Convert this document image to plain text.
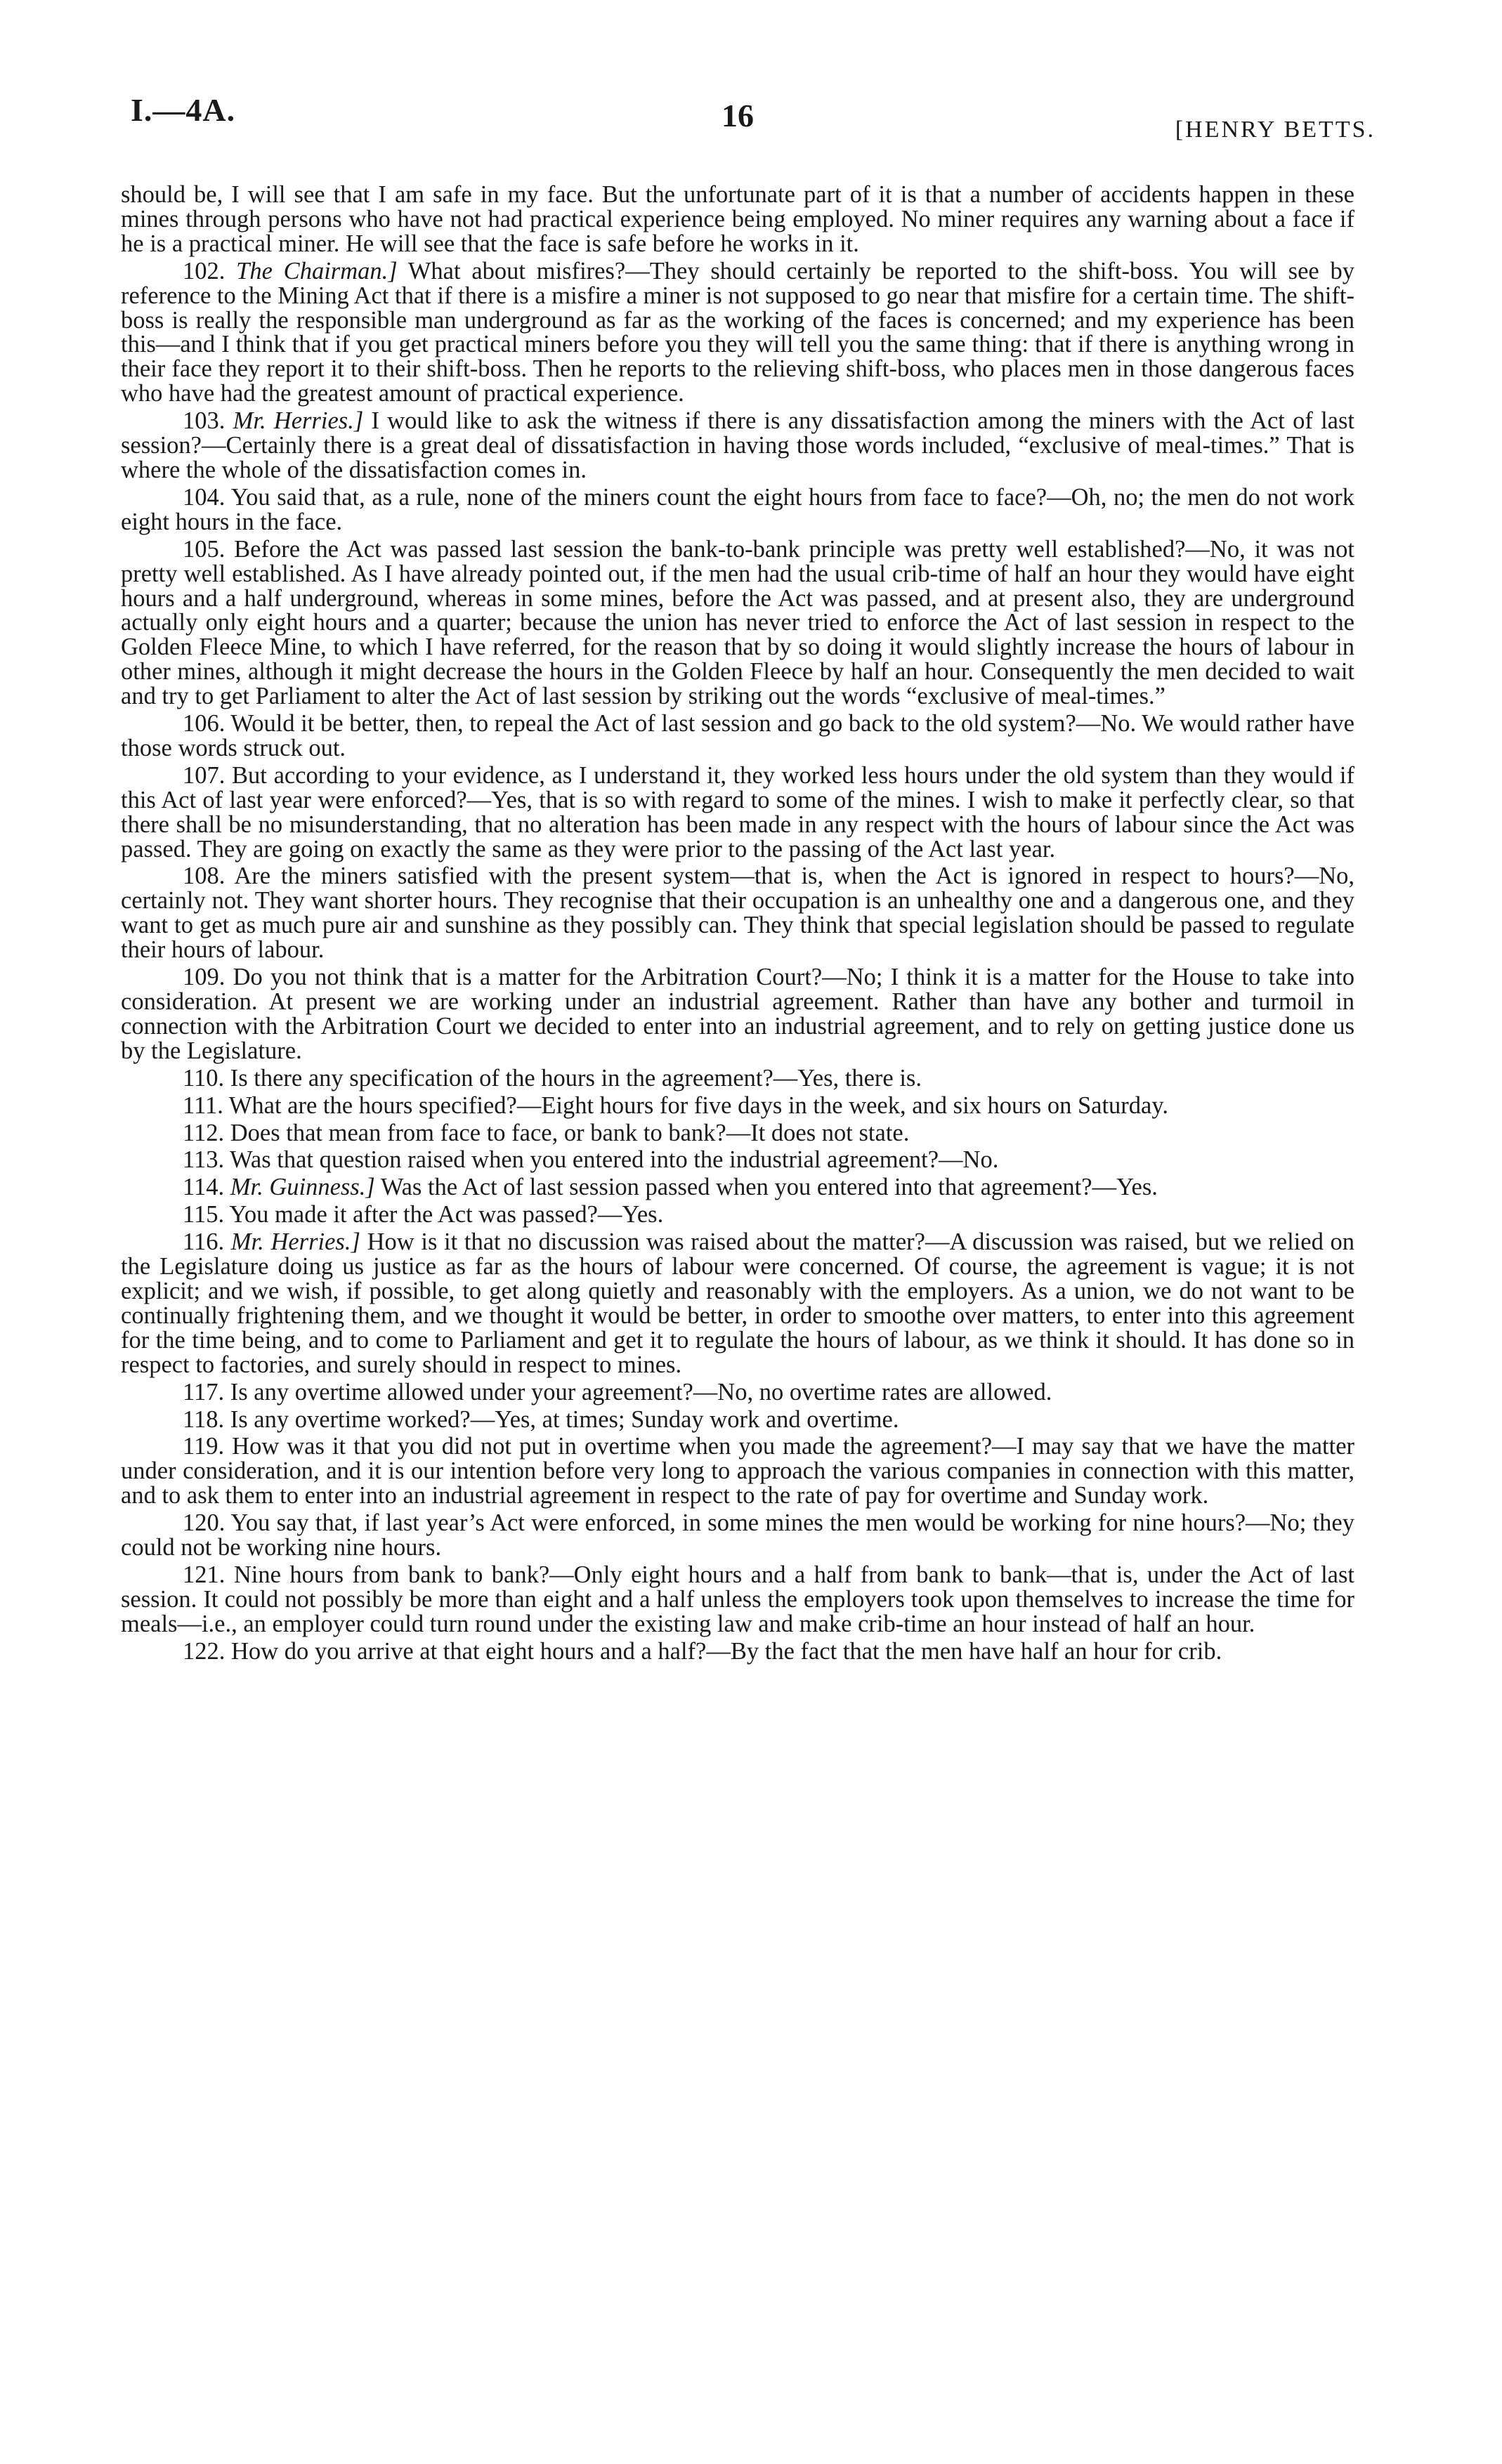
I.—4A.	16	[HENRY BETTS.

should be, I will see that I am safe in my face. But the unfortunate part of it is that a number of accidents happen in these mines through persons who have not had practical experience being employed. No miner requires any warning about a face if he is a practical miner. He will see that the face is safe before he works in it.

102. The Chairman.] What about misfires?—They should certainly be reported to the shift-boss. You will see by reference to the Mining Act that if there is a misfire a miner is not supposed to go near that misfire for a certain time. The shift-boss is really the responsible man underground as far as the working of the faces is concerned; and my experience has been this—and I think that if you get practical miners before you they will tell you the same thing: that if there is anything wrong in their face they report it to their shift-boss. Then he reports to the relieving shift-boss, who places men in those dangerous faces who have had the greatest amount of practical experience.

103. Mr. Herries.] I would like to ask the witness if there is any dissatisfaction among the miners with the Act of last session?—Certainly there is a great deal of dissatisfaction in having those words included, “exclusive of meal-times.” That is where the whole of the dissatisfaction comes in.

104. You said that, as a rule, none of the miners count the eight hours from face to face?—Oh, no; the men do not work eight hours in the face.

105. Before the Act was passed last session the bank-to-bank principle was pretty well established?—No, it was not pretty well established. As I have already pointed out, if the men had the usual crib-time of half an hour they would have eight hours and a half underground, whereas in some mines, before the Act was passed, and at present also, they are underground actually only eight hours and a quarter; because the union has never tried to enforce the Act of last session in respect to the Golden Fleece Mine, to which I have referred, for the reason that by so doing it would slightly increase the hours of labour in other mines, although it might decrease the hours in the Golden Fleece by half an hour. Consequently the men decided to wait and try to get Parliament to alter the Act of last session by striking out the words “exclusive of meal-times.”

106. Would it be better, then, to repeal the Act of last session and go back to the old system?—No. We would rather have those words struck out.

107. But according to your evidence, as I understand it, they worked less hours under the old system than they would if this Act of last year were enforced?—Yes, that is so with regard to some of the mines. I wish to make it perfectly clear, so that there shall be no misunderstanding, that no alteration has been made in any respect with the hours of labour since the Act was passed. They are going on exactly the same as they were prior to the passing of the Act last year.

108. Are the miners satisfied with the present system—that is, when the Act is ignored in respect to hours?—No, certainly not. They want shorter hours. They recognise that their occupation is an unhealthy one and a dangerous one, and they want to get as much pure air and sunshine as they possibly can. They think that special legislation should be passed to regulate their hours of labour.

109. Do you not think that is a matter for the Arbitration Court?—No; I think it is a matter for the House to take into consideration. At present we are working under an industrial agreement. Rather than have any bother and turmoil in connection with the Arbitration Court we decided to enter into an industrial agreement, and to rely on getting justice done us by the Legislature.

110. Is there any specification of the hours in the agreement?—Yes, there is.

111. What are the hours specified?—Eight hours for five days in the week, and six hours on Saturday.

112. Does that mean from face to face, or bank to bank?—It does not state.

113. Was that question raised when you entered into the industrial agreement?—No.

114. Mr. Guinness.] Was the Act of last session passed when you entered into that agreement?—Yes.

115. You made it after the Act was passed?—Yes.

116. Mr. Herries.] How is it that no discussion was raised about the matter?—A discussion was raised, but we relied on the Legislature doing us justice as far as the hours of labour were concerned. Of course, the agreement is vague; it is not explicit; and we wish, if possible, to get along quietly and reasonably with the employers. As a union, we do not want to be continually frightening them, and we thought it would be better, in order to smoothe over matters, to enter into this agreement for the time being, and to come to Parliament and get it to regulate the hours of labour, as we think it should. It has done so in respect to factories, and surely should in respect to mines.

117. Is any overtime allowed under your agreement?—No, no overtime rates are allowed.

118. Is any overtime worked?—Yes, at times; Sunday work and overtime.

119. How was it that you did not put in overtime when you made the agreement?—I may say that we have the matter under consideration, and it is our intention before very long to approach the various companies in connection with this matter, and to ask them to enter into an industrial agreement in respect to the rate of pay for overtime and Sunday work.

120. You say that, if last year’s Act were enforced, in some mines the men would be working for nine hours?—No; they could not be working nine hours.

121. Nine hours from bank to bank?—Only eight hours and a half from bank to bank—that is, under the Act of last session. It could not possibly be more than eight and a half unless the employers took upon themselves to increase the time for meals—i.e., an employer could turn round under the existing law and make crib-time an hour instead of half an hour.

122. How do you arrive at that eight hours and a half?—By the fact that the men have half an hour for crib.
